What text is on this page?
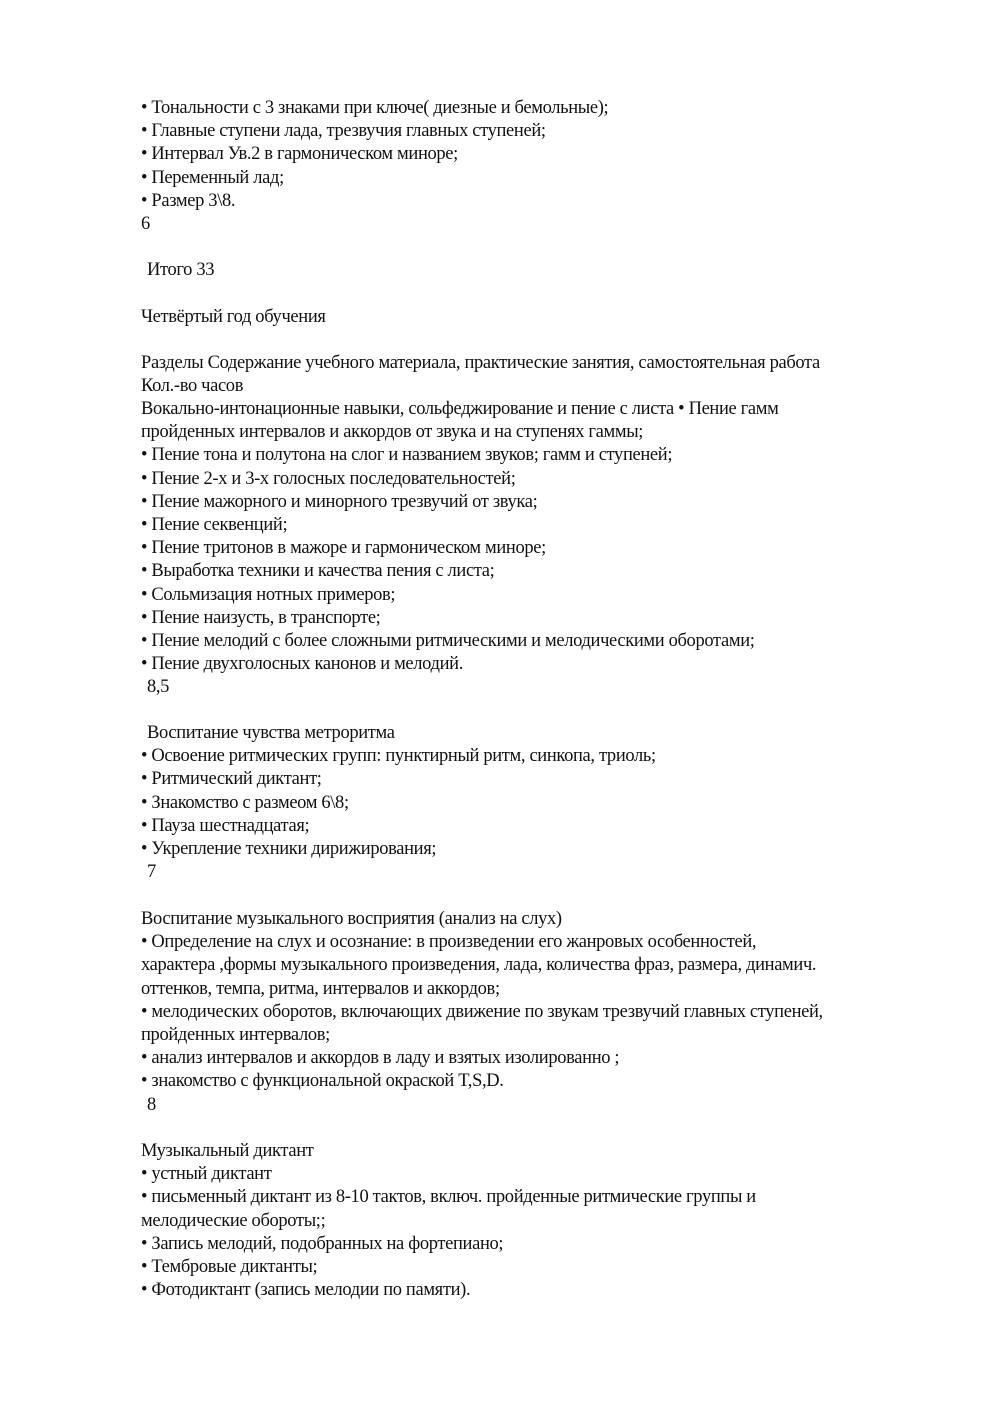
• Тональности с 3 знаками при ключе( диезные и бемольные);
• Главные ступени лада, трезвучия главных ступеней;
• Интервал Ув.2 в гармоническом миноре;
• Переменный лад;
• Размер 3\8.
6
Итого 33
Четвёртый год обучения
Разделы Содержание учебного материала, практические занятия, самостоятельная работа
Кол.-во часов
Вокально-интонационные навыки, сольфеджирование и пение с листа • Пение гамм
пройденных интервалов и аккордов от звука и на ступенях гаммы;
• Пение тона и полутона на слог и названием звуков; гамм и ступеней;
• Пение 2-х и 3-х голосных последовательностей;
• Пение мажорного и минорного трезвучий от звука;
• Пение секвенций;
• Пение тритонов в мажоре и гармоническом миноре;
• Выработка техники и качества пения с листа;
• Сольмизация нотных примеров;
• Пение наизусть, в транспорте;
• Пение мелодий с более сложными ритмическими и мелодическими оборотами;
• Пение двухголосных канонов и мелодий.
8,5
Воспитание чувства метроритма
• Освоение ритмических групп: пунктирный ритм, синкопа, триоль;
• Ритмический диктант;
• Знакомство с размеом 6\8;
• Пауза шестнадцатая;
• Укрепление техники дирижирования;
7
Воспитание музыкального восприятия (анализ на слух)
• Определение на слух и осознание: в произведении его жанровых особенностей,
характера ,формы музыкального произведения, лада, количества фраз, размера, динамич.
оттенков, темпа, ритма, интервалов и аккордов;
• мелодических оборотов, включающих движение по звукам трезвучий главных ступеней,
пройденных интервалов;
• анализ интервалов и аккордов в ладу и взятых изолированно ;
• знакомство с функциональной окраской T,S,D.
8
Музыкальный диктант
• устный диктант
• письменный диктант из 8-10 тактов, включ. пройденные ритмические группы и
мелодические обороты;;
• Запись мелодий, подобранных на фортепиано;
• Тембровые диктанты;
• Фотодиктант (запись мелодии по памяти).
